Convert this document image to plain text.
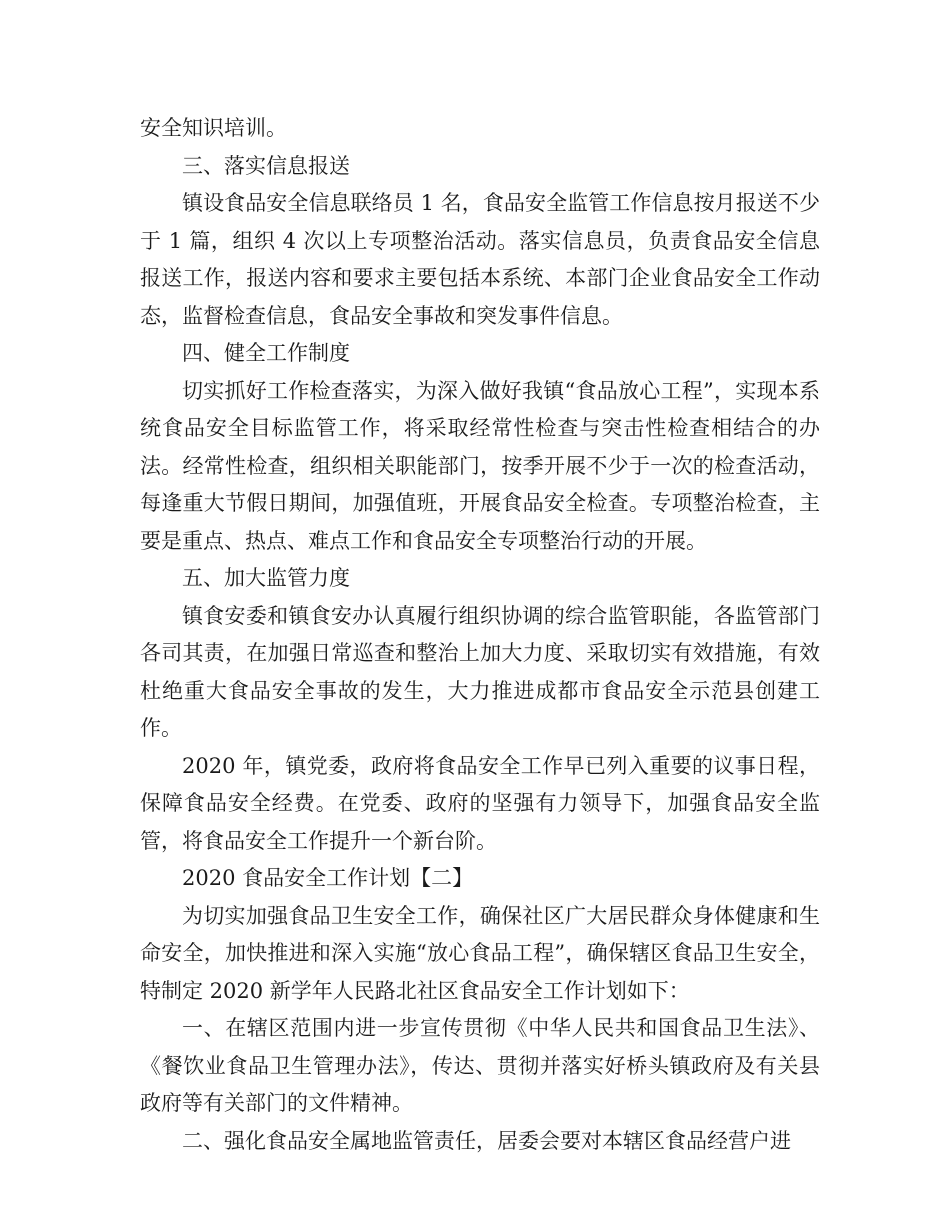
安全知识培训。

三、落实信息报送

镇设食品安全信息联络员 1 名，食品安全监管工作信息按月报送不少于 1 篇，组织 4 次以上专项整治活动。落实信息员，负责食品安全信息报送工作，报送内容和要求主要包括本系统、本部门企业食品安全工作动态，监督检查信息，食品安全事故和突发事件信息。

四、健全工作制度

切实抓好工作检查落实，为深入做好我镇“食品放心工程”，实现本系统食品安全目标监管工作，将采取经常性检查与突击性检查相结合的办法。经常性检查，组织相关职能部门，按季开展不少于一次的检查活动，每逢重大节假日期间，加强值班，开展食品安全检查。专项整治检查，主要是重点、热点、难点工作和食品安全专项整治行动的开展。

五、加大监管力度

镇食安委和镇食安办认真履行组织协调的综合监管职能，各监管部门各司其责，在加强日常巡查和整治上加大力度、采取切实有效措施，有效杜绝重大食品安全事故的发生，大力推进成都市食品安全示范县创建工作。

2020 年，镇党委，政府将食品安全工作早已列入重要的议事日程，保障食品安全经费。在党委、政府的坚强有力领导下，加强食品安全监管，将食品安全工作提升一个新台阶。

2020 食品安全工作计划【二】

为切实加强食品卫生安全工作，确保社区广大居民群众身体健康和生命安全，加快推进和深入实施“放心食品工程”，确保辖区食品卫生安全，特制定 2020 新学年人民路北社区食品安全工作计划如下：

一、在辖区范围内进一步宣传贯彻《中华人民共和国食品卫生法》、《餐饮业食品卫生管理办法》，传达、贯彻并落实好桥头镇政府及有关县政府等有关部门的文件精神。

二、强化食品安全属地监管责任，居委会要对本辖区食品经营户进
